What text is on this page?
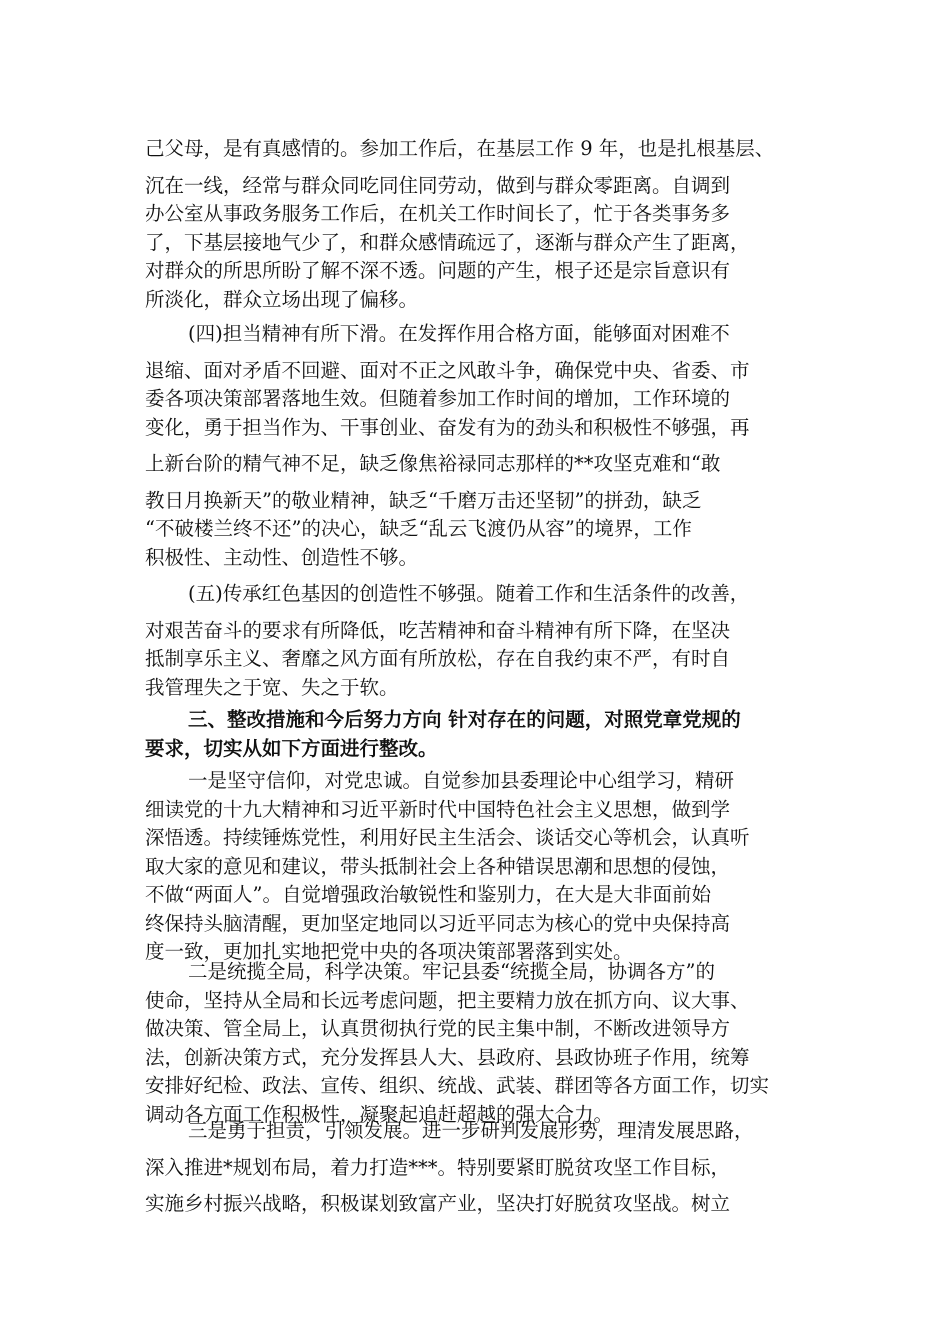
己父母，是有真感情的。参加工作后，在基层工作 9 年，也是扎根基层、
沉在一线，经常与群众同吃同住同劳动，做到与群众零距离。自调到
办公室从事政务服务工作后，在机关工作时间长了，忙于各类事务多
了，下基层接地气少了，和群众感情疏远了，逐渐与群众产生了距离，
对群众的所思所盼了解不深不透。问题的产生，根子还是宗旨意识有
所淡化，群众立场出现了偏移。
(四)担当精神有所下滑。在发挥作用合格方面，能够面对困难不
退缩、面对矛盾不回避、面对不正之风敢斗争，确保党中央、省委、市
委各项决策部署落地生效。但随着参加工作时间的增加，工作环境的
变化，勇于担当作为、干事创业、奋发有为的劲头和积极性不够强，再
上新台阶的精气神不足，缺乏像焦裕禄同志那样的**攻坚克难和“敢
教日月换新天”的敬业精神，缺乏“千磨万击还坚韧”的拼劲，缺乏
“不破楼兰终不还”的决心，缺乏“乱云飞渡仍从容”的境界，工作
积极性、主动性、创造性不够。
(五)传承红色基因的创造性不够强。随着工作和生活条件的改善，
对艰苦奋斗的要求有所降低，吃苦精神和奋斗精神有所下降，在坚决
抵制享乐主义、奢靡之风方面有所放松，存在自我约束不严，有时自
我管理失之于宽、失之于软。
三、整改措施和今后努力方向 针对存在的问题，对照党章党规的
要求，切实从如下方面进行整改。
一是坚守信仰，对党忠诚。自觉参加县委理论中心组学习，精研
细读党的十九大精神和习近平新时代中国特色社会主义思想，做到学
深悟透。持续锤炼党性，利用好民主生活会、谈话交心等机会，认真听
取大家的意见和建议，带头抵制社会上各种错误思潮和思想的侵蚀，
不做“两面人”。自觉增强政治敏锐性和鉴别力，在大是大非面前始
终保持头脑清醒，更加坚定地同以习近平同志为核心的党中央保持高
度一致，更加扎实地把党中央的各项决策部署落到实处。
二是统揽全局，科学决策。牢记县委“统揽全局，协调各方”的
使命，坚持从全局和长远考虑问题，把主要精力放在抓方向、议大事、
做决策、管全局上，认真贯彻执行党的民主集中制，不断改进领导方
法，创新决策方式，充分发挥县人大、县政府、县政协班子作用，统筹
安排好纪检、政法、宣传、组织、统战、武装、群团等各方面工作，切实
调动各方面工作积极性，凝聚起追赶超越的强大合力。
三是勇于担责，引领发展。进一步研判发展形势，理清发展思路，
深入推进*规划布局，着力打造***。特别要紧盯脱贫攻坚工作目标，
实施乡村振兴战略，积极谋划致富产业，坚决打好脱贫攻坚战。树立
